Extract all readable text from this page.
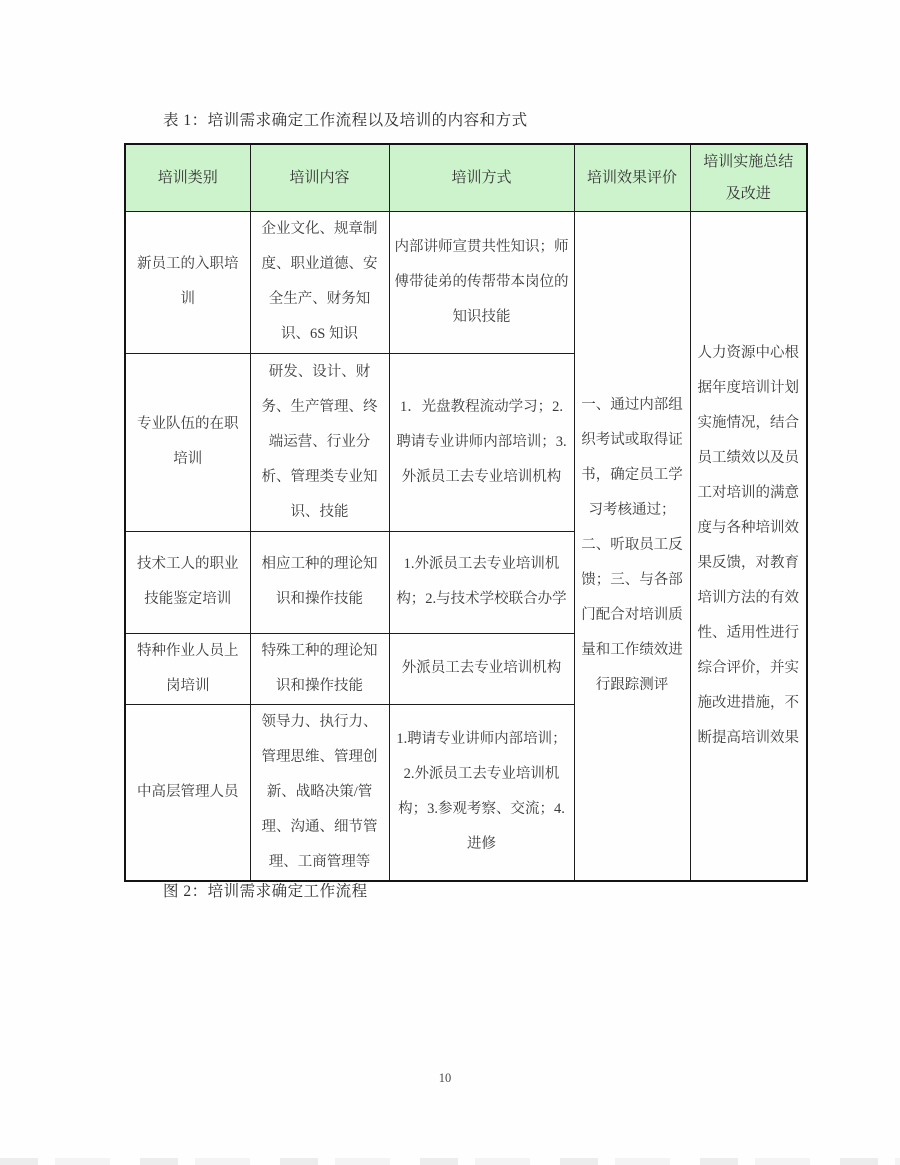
表 1：培训需求确定工作流程以及培训的内容和方式
培训类别	培训内容	培训方式	培训效果评价	培训实施总结及改进
新员工的入职培训	企业文化、规章制度、职业道德、安全生产、财务知识、6S 知识	内部讲师宣贯共性知识；师傅带徒弟的传帮带本岗位的知识技能	一、通过内部组织考试或取得证书，确定员工学习考核通过；二、听取员工反馈；三、与各部门配合对培训质量和工作绩效进行跟踪测评	人力资源中心根据年度培训计划实施情况，结合员工绩效以及员工对培训的满意度与各种培训效果反馈，对教育培训方法的有效性、适用性进行综合评价，并实施改进措施，不断提高培训效果
专业队伍的在职培训	研发、设计、财务、生产管理、终端运营、行业分析、管理类专业知识、技能	1．光盘教程流动学习；2.聘请专业讲师内部培训；3.外派员工去专业培训机构		
技术工人的职业技能鉴定培训	相应工种的理论知识和操作技能	1.外派员工去专业培训机构；2.与技术学校联合办学		
特种作业人员上岗培训	特殊工种的理论知识和操作技能	外派员工去专业培训机构		
中高层管理人员	领导力、执行力、管理思维、管理创新、战略决策/管理、沟通、细节管理、工商管理等	1.聘请专业讲师内部培训；2.外派员工去专业培训机构；3.参观考察、交流；4.进修		
图 2：培训需求确定工作流程
10
